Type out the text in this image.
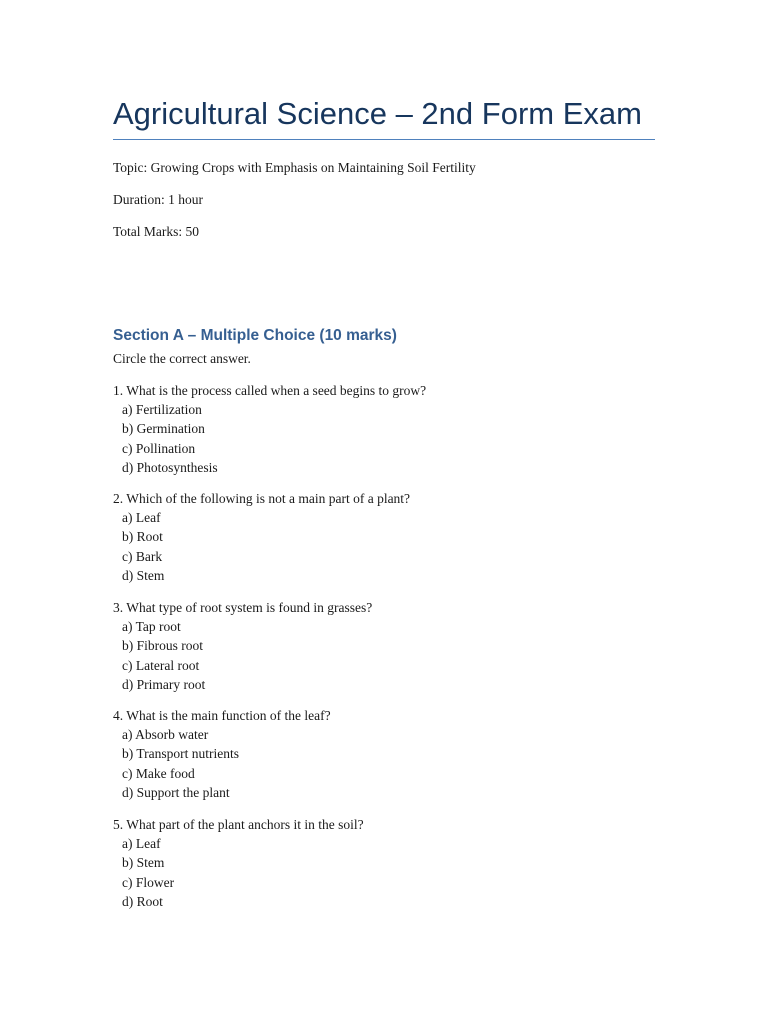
Agricultural Science – 2nd Form Exam

Topic: Growing Crops with Emphasis on Maintaining Soil Fertility

Duration: 1 hour

Total Marks: 50

Section A – Multiple Choice (10 marks)

Circle the correct answer.

1. What is the process called when a seed begins to grow?

a) Fertilization

b) Germination

c) Pollination

d) Photosynthesis

2. Which of the following is not a main part of a plant?

a) Leaf

b) Root

c) Bark

d) Stem

3. What type of root system is found in grasses?

a) Tap root

b) Fibrous root

c) Lateral root

d) Primary root

4. What is the main function of the leaf?

a) Absorb water

b) Transport nutrients

c) Make food

d) Support the plant

5. What part of the plant anchors it in the soil?

a) Leaf

b) Stem

c) Flower

d) Root
